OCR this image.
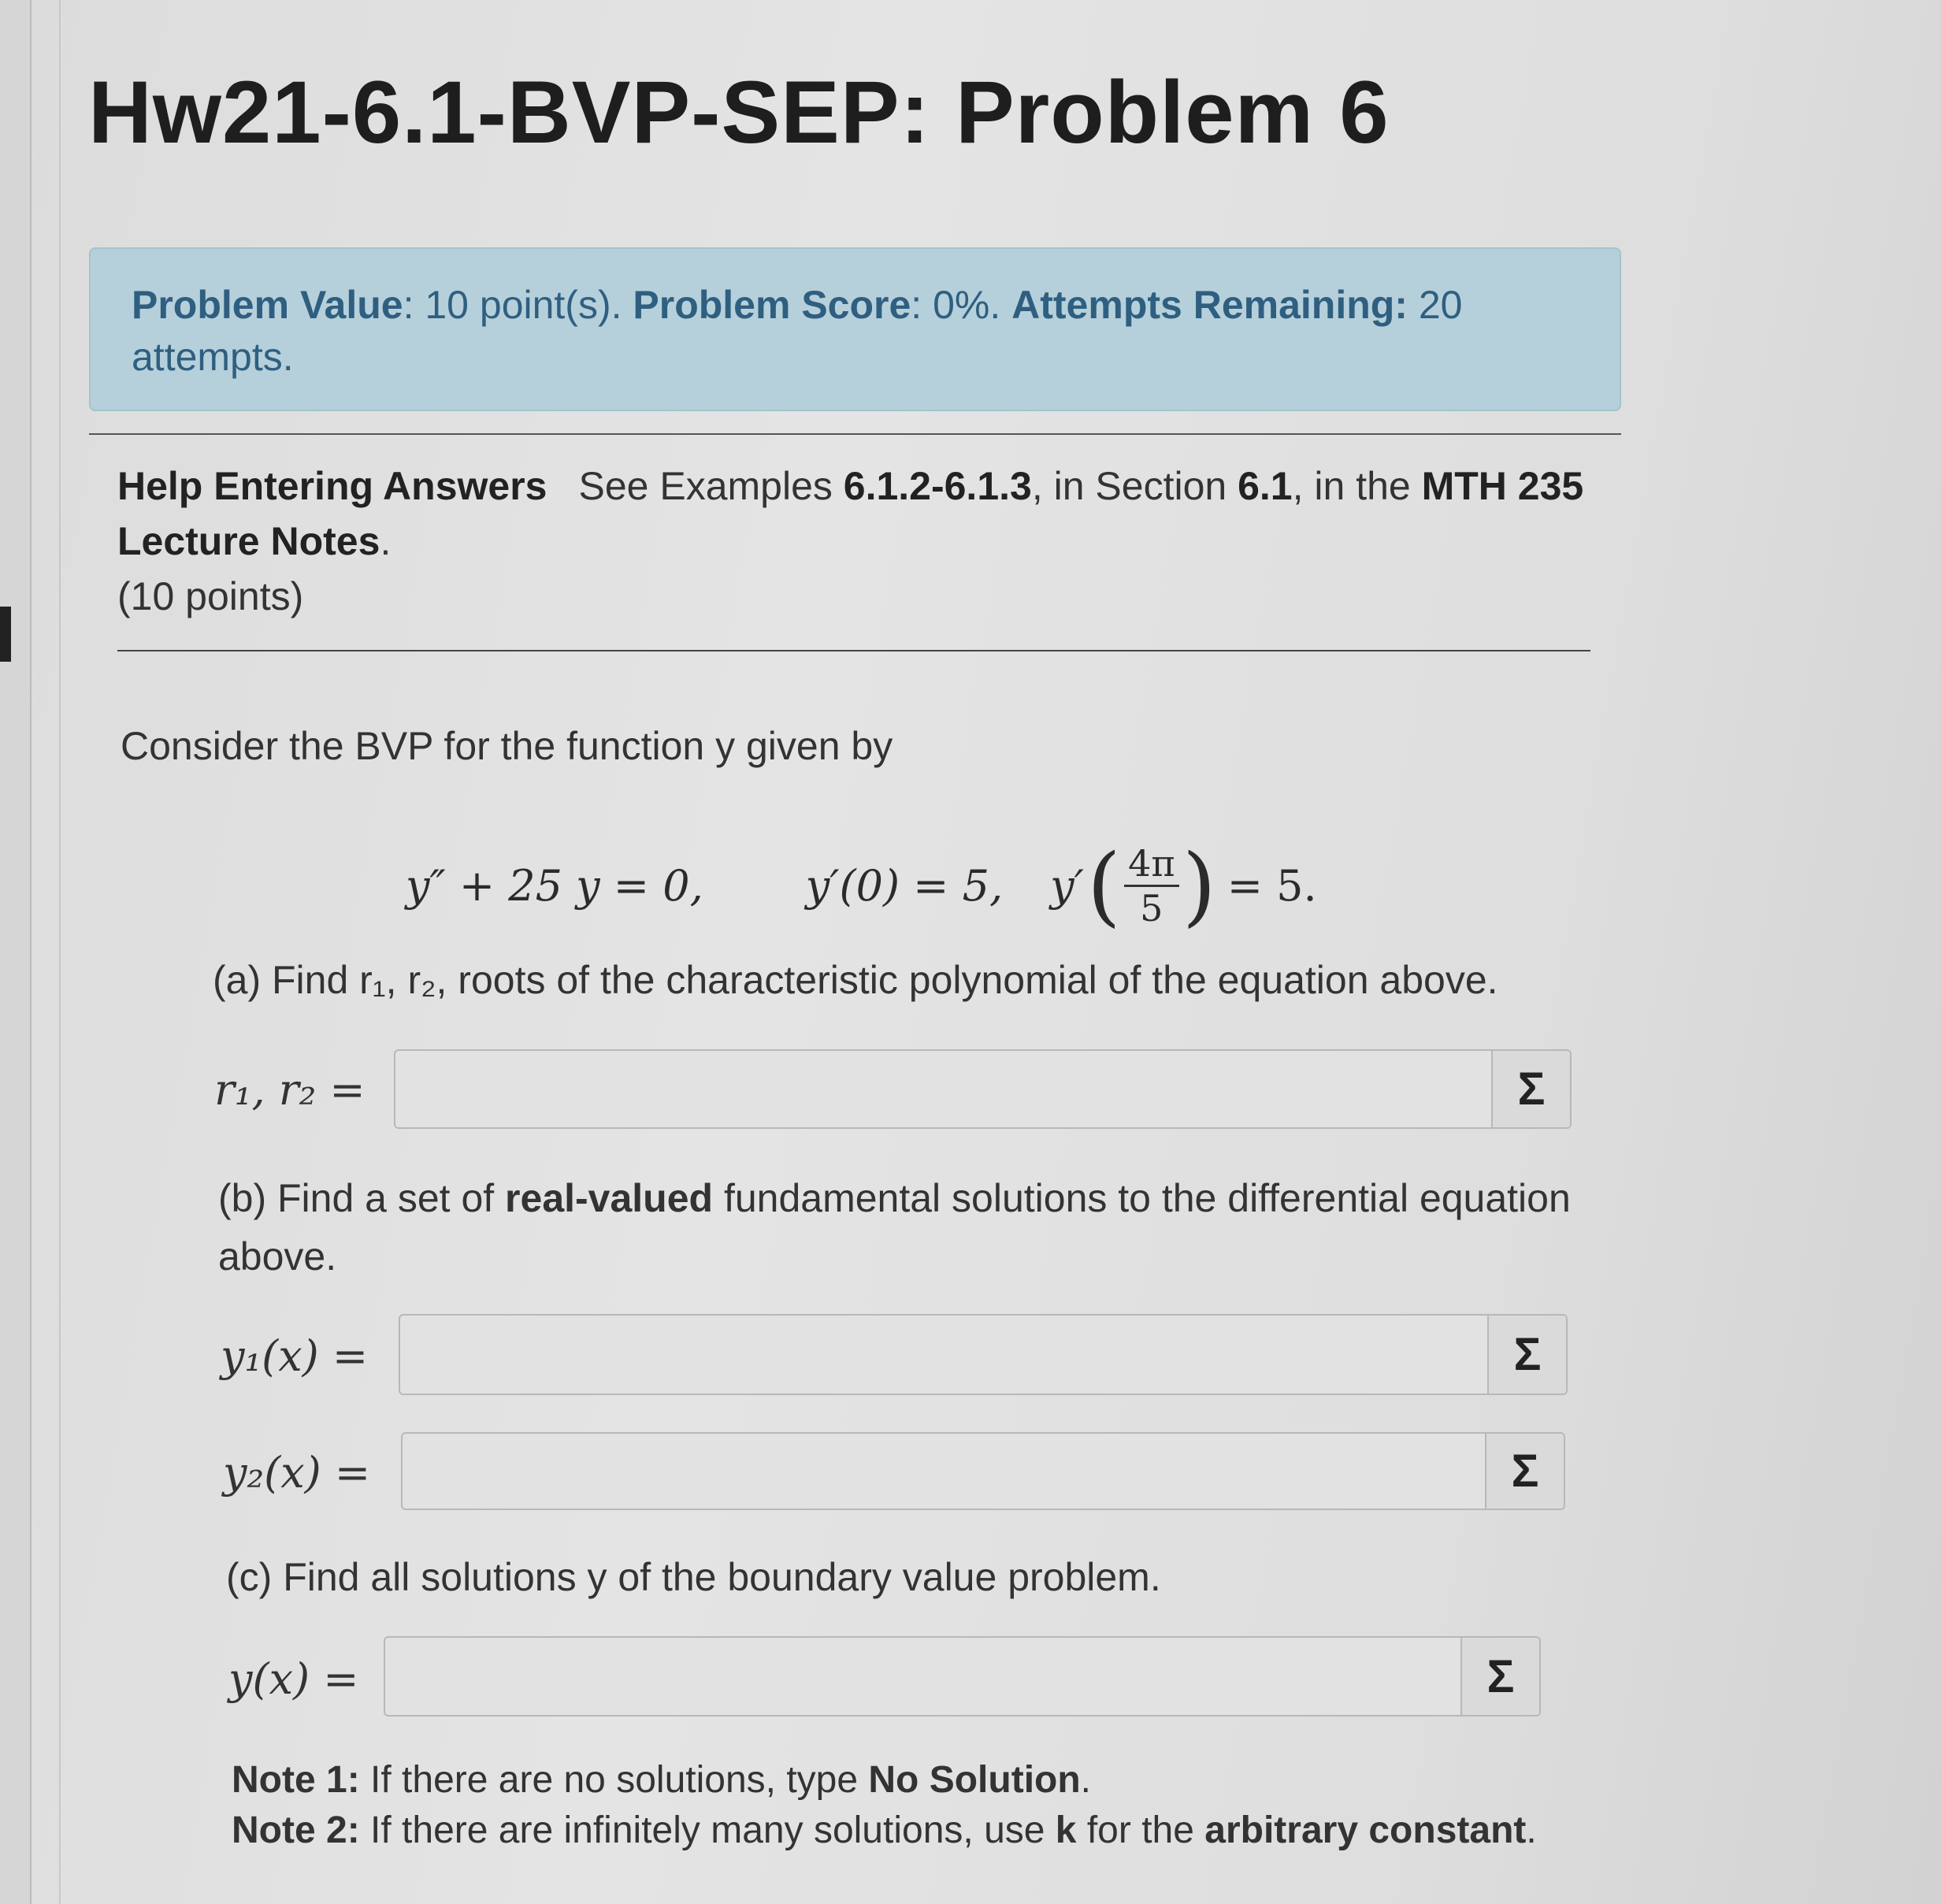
Hw21-6.1-BVP-SEP: Problem 6
Problem Value: 10 point(s). Problem Score: 0%. Attempts Remaining: 20 attempts.
Help Entering Answers See Examples 6.1.2-6.1.3, in Section 6.1, in the MTH 235 Lecture Notes.
(10 points)
Consider the BVP for the function y given by
y″ + 25 y = 0, y′(0) = 5, y′ ( 4π
5 ) = 5.
(a) Find r₁, r₂, roots of the characteristic polynomial of the equation above.
r₁, r₂ =	Σ
(b) Find a set of real-valued fundamental solutions to the differential equation above.
y₁(x) =	Σ
y₂(x) =	Σ
(c) Find all solutions y of the boundary value problem.
y(x) =	Σ
Note 1: If there are no solutions, type No Solution.
Note 2: If there are infinitely many solutions, use k for the arbitrary constant.
